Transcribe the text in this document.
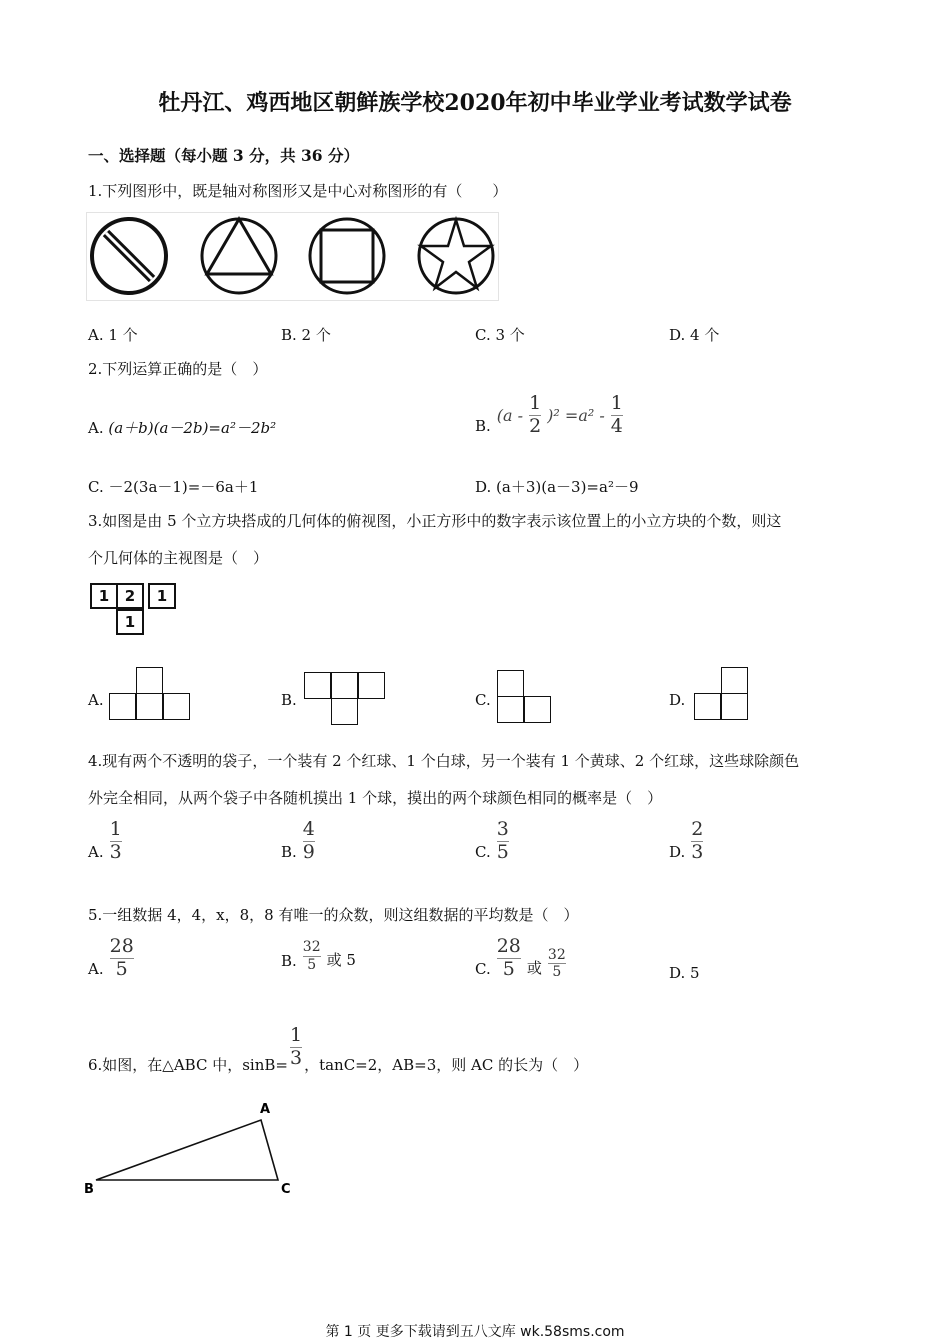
牡丹江、鸡西地区朝鲜族学校2020年初中毕业学业考试数学试卷
一、选择题（每小题 3 分，共 36 分）
1.下列图形中，既是轴对称图形又是中心对称图形的有（　　）
A. 1 个	B. 2 个	C. 3 个	D. 4 个
2.下列运算正确的是（　）
A. (a＋b)(a－2b)=a²－2b²	B.
$(a - \frac{1}{2} )^2 =a^2 - \frac{1}{4}$
C. －2(3a－1)=－6a＋1	D. (a＋3)(a－3)=a²－9
3.如图是由 5 个立方块搭成的几何体的俯视图，小正方形中的数字表示该位置上的小立方块的个数，则这
个几何体的主视图是（　）
1	2	1
1
A.	B.	C.	D.
4.现有两个不透明的袋子，一个装有 2 个红球、1 个白球，另一个装有 1 个黄球、2 个红球，这些球除颜色
外完全相同，从两个袋子中各随机摸出 1 个球，摸出的两个球颜色相同的概率是（　）
A. $\frac{1}{3}$	B. $\frac{4}{9}$	C. $\frac{3}{5}$	D. $\frac{2}{3}$
5.一组数据 4，4，x，8，8 有唯一的众数，则这组数据的平均数是（　）
A. $\frac{28}{5}$	B. $\frac{32}{5}$ 或 5	C. $\frac{28}{5}$ 或 $\frac{32}{5}$	D. 5
6.如图，在△ABC 中，$\sin B= \frac{1}{3}$ ，tanC=2，AB=3，则 AC 的长为（　）
A
B	C
第 1 页 更多下载请到五八文库 wk.58sms.com
